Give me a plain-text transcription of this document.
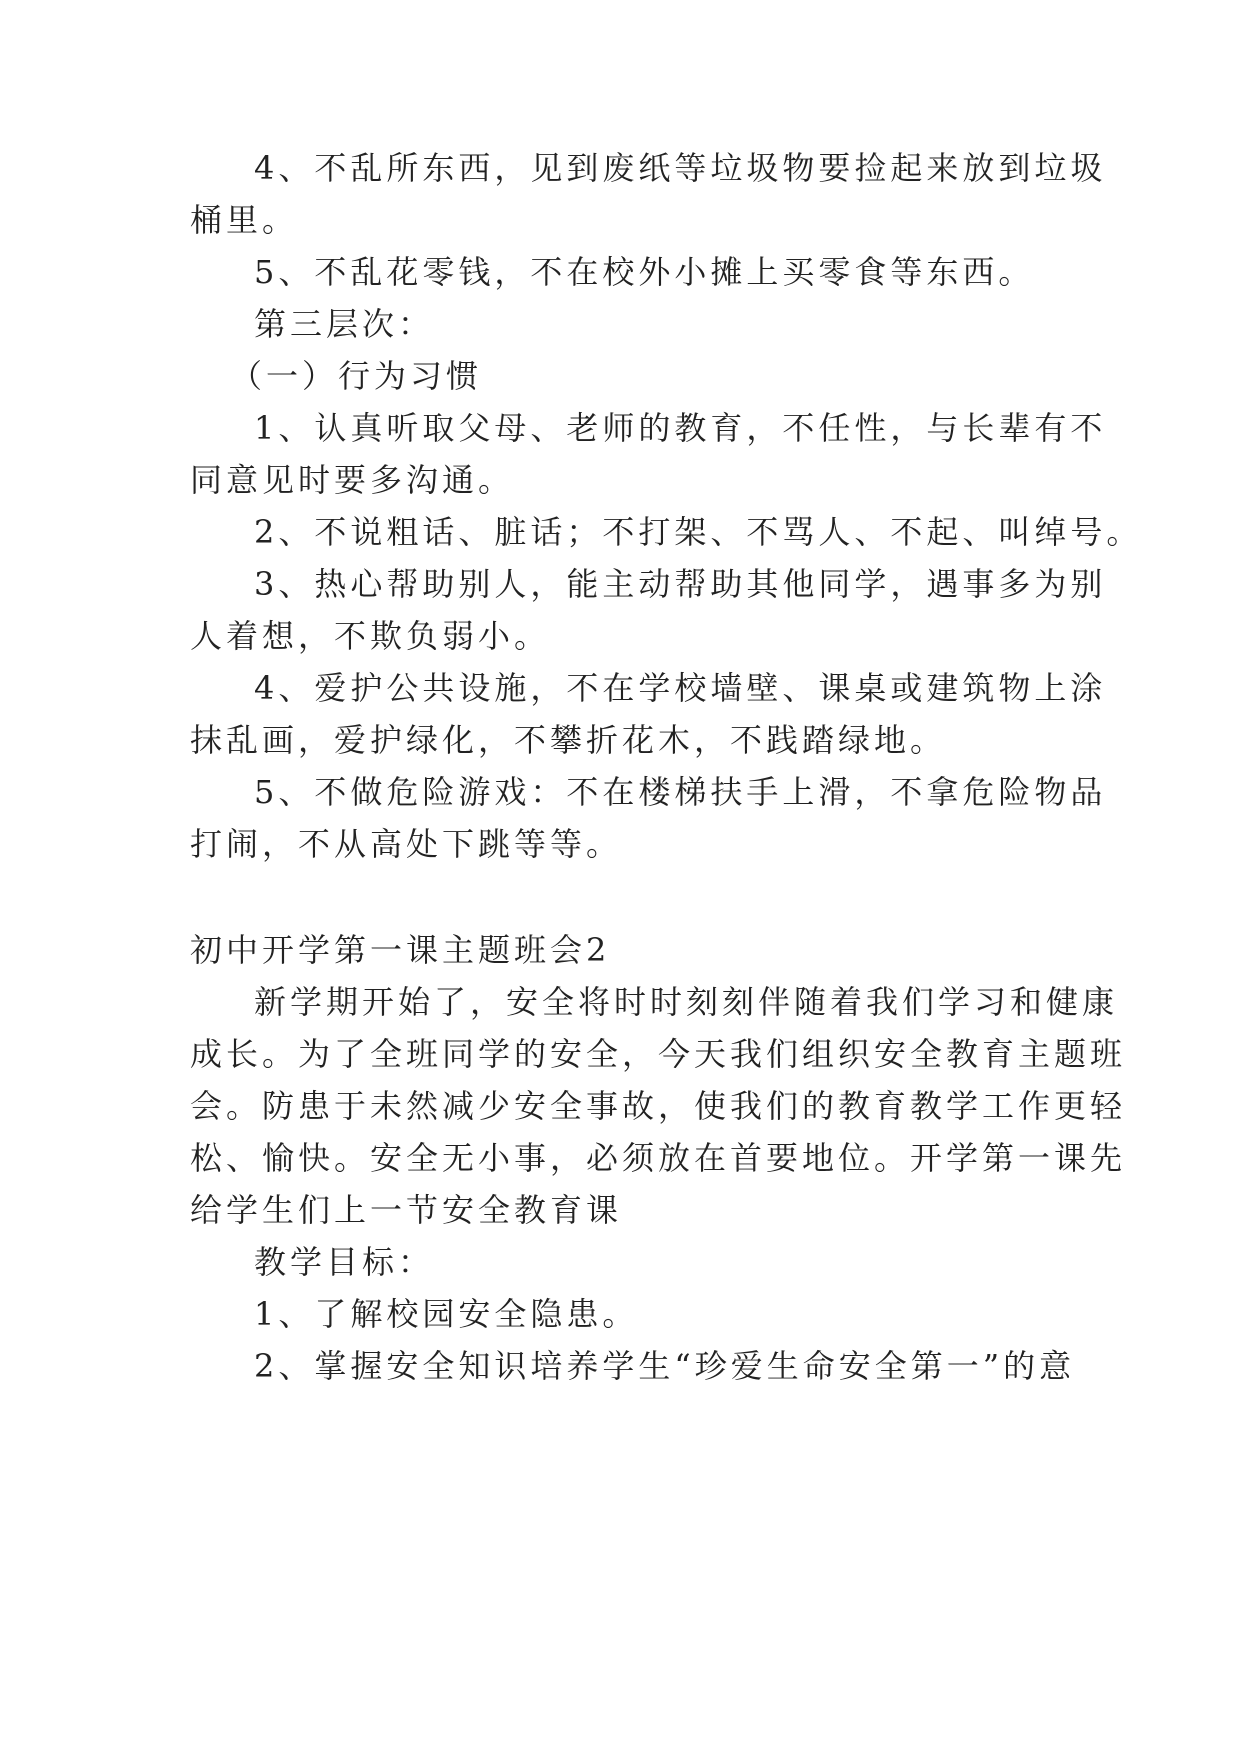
4、不乱所东西，见到废纸等垃圾物要捡起来放到垃圾
桶里。
5、不乱花零钱，不在校外小摊上买零食等东西。
第三层次：
（一）行为习惯
1、认真听取父母、老师的教育，不任性，与长辈有不
同意见时要多沟通。
2、不说粗话、脏话；不打架、不骂人、不起、叫绰号。
3、热心帮助别人，能主动帮助其他同学，遇事多为别
人着想，不欺负弱小。
4、爱护公共设施，不在学校墙壁、课桌或建筑物上涂
抹乱画，爱护绿化，不攀折花木，不践踏绿地。
5、不做危险游戏：不在楼梯扶手上滑，不拿危险物品
打闹，不从高处下跳等等。
初中开学第一课主题班会2
新学期开始了，安全将时时刻刻伴随着我们学习和健康
成长。为了全班同学的安全，今天我们组织安全教育主题班
会。防患于未然减少安全事故，使我们的教育教学工作更轻
松、愉快。安全无小事，必须放在首要地位。开学第一课先
给学生们上一节安全教育课
教学目标：
1、了解校园安全隐患。
2、掌握安全知识培养学生“珍爱生命安全第一”的意
